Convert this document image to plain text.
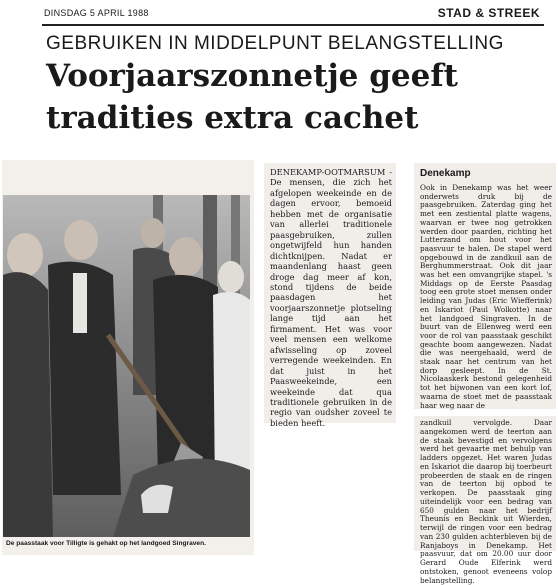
DINSDAG 5 APRIL 1988	STAD & STREEK
GEBRUIKEN IN MIDDELPUNT BELANGSTELLING
Voorjaarszonnetje geeft
tradities extra cachet
De paasstaak voor Tilligte is gehakt op het landgoed Singraven.
DENEKAMP-OOTMARSUM - De mensen, die zich het afgelopen weekeinde en de dagen ervoor, bemoeid hebben met de organisatie van allerlei traditionele paasgebruiken, zullen ongetwijfeld hun handen dichtknijpen. Nadat er maandenlang haast geen droge dag meer af kon, stond tijdens de beide paasdagen het voorjaarszonnetje plotseling lange tijd aan het firmament. Het was voor veel mensen een welkome afwisseling op zoveel verregende weekeinden. En dat juist in het Paasweekeinde, een weekeinde dat qua traditionele gebruiken in de regio van oudsher zoveel te bieden heeft.
Denekamp
Ook in Denekamp was het weer onderwets druk bij de paasgebruiken. Zaterdag ging het met een zestiental platte wagens, waarvan er twee nog getrokken werden door paarden, richting het Lutterzand om hout voor het paasvuur te halen. De stapel werd opgebouwd in de zandkuil aan de Berghummerstraat. Ook dit jaar was het een omvangrijke stapel. 's Middags op de Eerste Paasdag toog een grote stoet mensen onder leiding van Judas (Eric Wiefferink) en Iskariot (Paul Wolkotte) naar het landgoed Singraven. In de buurt van de Ellenweg werd een voor de rol van paasstaak geschikt geachte boom aangewezen. Nadat die was neergehaald, werd de staak naar het centrum van het dorp gesleept. In de St. Nicolaaskerk bestond gelegenheid tot het bijwonen van een kort lof, waarna de stoet met de paasstaak haar weg naar de
zandkuil vervolgde. Daar aangekomen werd de teerton aan de staak bevestigd en vervolgens werd het gevaarte met behulp van ladders opgezet. Het waren Judas en Iskariot die daarop bij toerbeurt probeerden de staak en de ringen van de teerton bij opbod te verkopen. De paasstaak ging uiteindelijk voor een bedrag van 650 gulden naar het bedrijf Theunis en Beckink uit Wierden, terwijl de ringen voor een bedrag van 230 gulden achterbleven bij de Ranjaboys in Denekamp. Het paasvuur, dat om 20.00 uur door Gerard Oude Elferink werd ontstoken, genoot eveneens volop belangstelling.
